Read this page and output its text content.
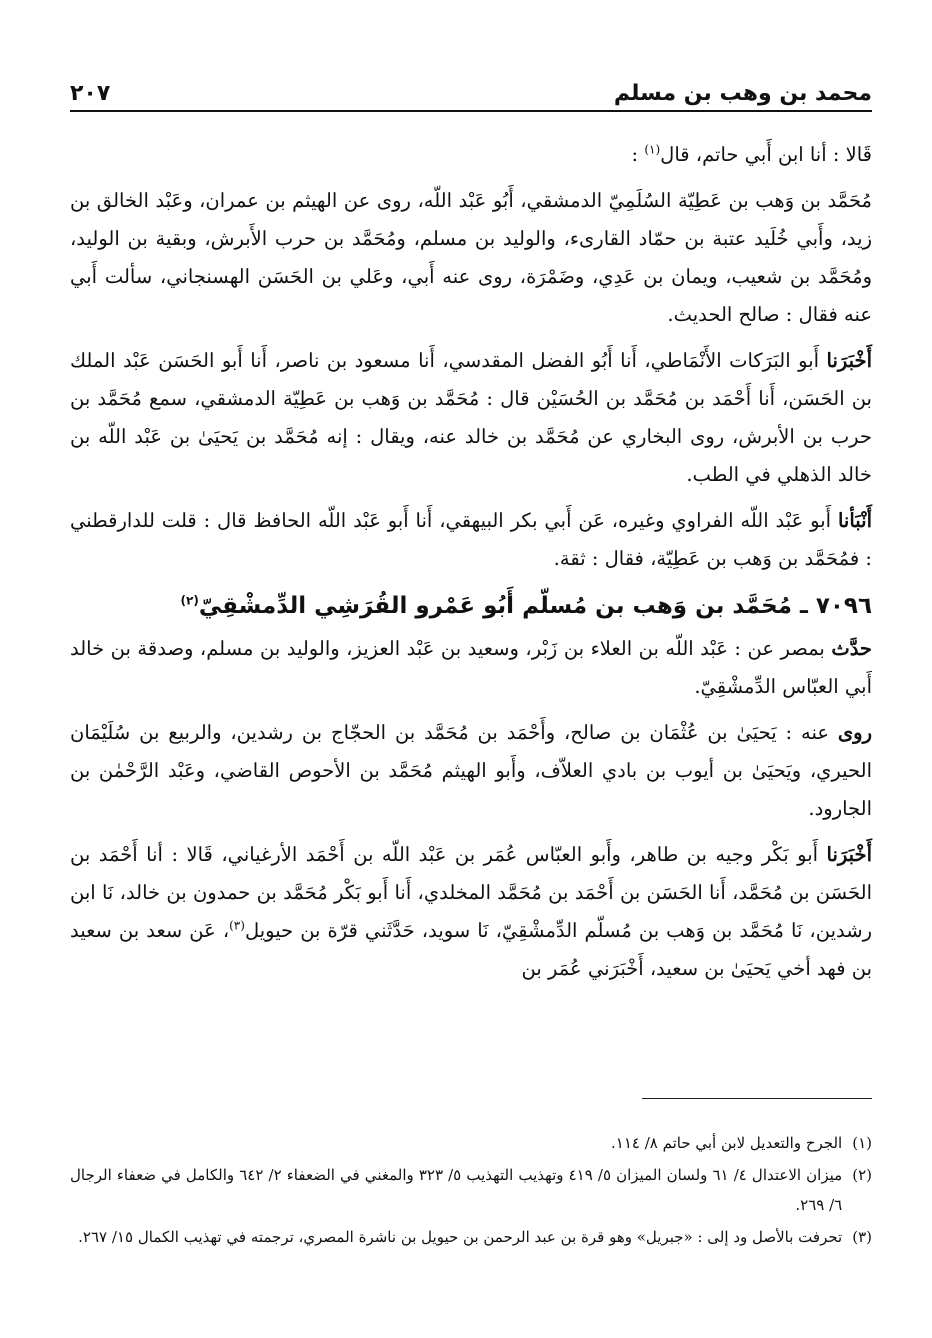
محمد بن وهب بن مسلم
٢٠٧

قَالا : أنا ابن أَبي حاتم، قال$^{(١)}$ :

مُحَمَّد بن وَهب بن عَطِيّة السُلَمِيّ الدمشقي، أَبُو عَبْد اللّه، روى عن الهيثم بن عمران، وعَبْد الخالق بن زيد، وأَبي خُلَيد عتبة بن حمّاد القارىء، والوليد بن مسلم، ومُحَمَّد بن حرب الأَبرش، وبقية بن الوليد، ومُحَمَّد بن شعيب، ويمان بن عَدِي، وضَمْرَة، روى عنه أَبي، وعَلي بن الحَسَن الهسنجاني، سألت أَبي عنه فقال : صالح الحديث.

أَخْبَرَنا أَبو البَرَكات الأَنْمَاطي، أَنا أَبُو الفضل المقدسي، أَنا مسعود بن ناصر، أَنا أَبو الحَسَن عَبْد الملك بن الحَسَن، أَنا أَحْمَد بن مُحَمَّد بن الحُسَيْن قال : مُحَمَّد بن وَهب بن عَطِيّة الدمشقي، سمع مُحَمَّد بن حرب بن الأبرش، روى البخاري عن مُحَمَّد بن خالد عنه، ويقال : إنه مُحَمَّد بن يَحيَىٰ بن عَبْد اللّه بن خالد الذهلي في الطب.

أَنْبَأنا أَبو عَبْد اللّه الفراوي وغيره، عَن أَبي بكر البيهقي، أَنا أَبو عَبْد اللّه الحافظ قال : قلت للدارقطني : فمُحَمَّد بن وَهب بن عَطِيّة، فقال : ثقة.

٧٠٩٦ ـ مُحَمَّد بن وَهب بن مُسلّم أَبُو عَمْرو القُرَشِي الدِّمشْقِيّ$^{(٢)}$

حدَّث بمصر عن : عَبْد اللّه بن العلاء بن زَبْر، وسعيد بن عَبْد العزيز، والوليد بن مسلم، وصدقة بن خالد أَبي العبّاس الدِّمشْقِيّ.

روى عنه : يَحيَىٰ بن عُثْمَان بن صالح، وأَحْمَد بن مُحَمَّد بن الحجّاج بن رشدين، والربيع بن سُلَيْمَان الحيري، ويَحيَىٰ بن أيوب بن بادي العلاّف، وأَبو الهيثم مُحَمَّد بن الأحوص القاضي، وعَبْد الرَّحْمٰن بن الجارود.

أَخْبَرَنا أَبو بَكْر وجيه بن طاهر، وأَبو العبّاس عُمَر بن عَبْد اللّه بن أَحْمَد الأرغياني، قَالا : أنا أَحْمَد بن الحَسَن بن مُحَمَّد، أَنا الحَسَن بن أَحْمَد بن مُحَمَّد المخلدي، أَنا أَبو بَكْر مُحَمَّد بن حمدون بن خالد، نَا ابن رشدين، نَا مُحَمَّد بن وَهب بن مُسلّم الدِّمشْقِيّ، نَا سويد، حَدَّثَني قرّة بن حيويل$^{(٣)}$، عَن سعد بن سعيد بن فهد أخي يَحيَىٰ بن سعيد، أَخْبَرَني عُمَر بن

(١)
الجرح والتعديل لابن أبي حاتم ٨/ ١١٤.
(٢)
ميزان الاعتدال ٤/ ٦١ ولسان الميزان ٥/ ٤١٩ وتهذيب التهذيب ٥/ ٣٢٣ والمغني في الضعفاء ٢/ ٦٤٢ والكامل في ضعفاء الرجال ٦/ ٢٦٩.
(٣)
تحرفت بالأصل ود إلى : «جبريل» وهو قرة بن عبد الرحمن بن حيويل بن ناشرة المصري، ترجمته في تهذيب الكمال ١٥/ ٢٦٧.
